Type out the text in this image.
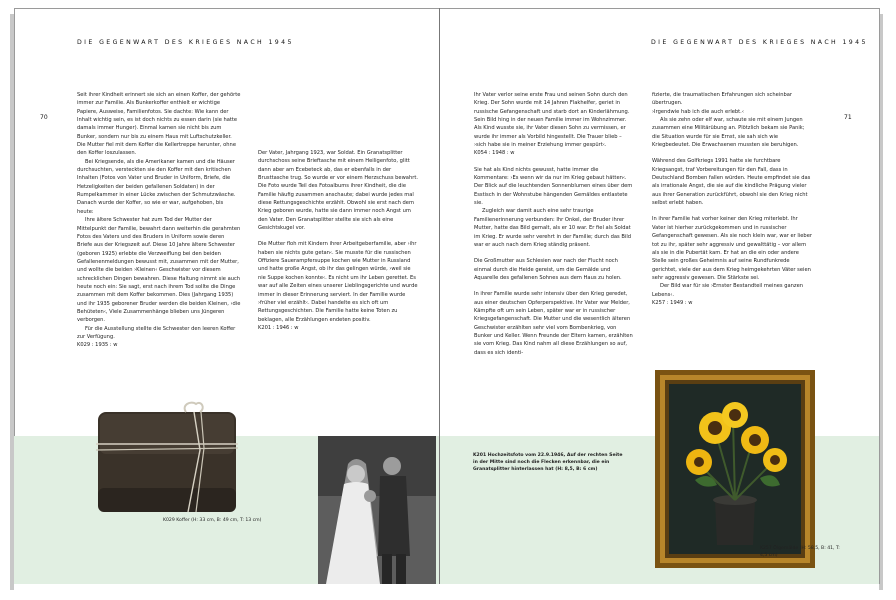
DIE GEGENWART DES KRIEGES NACH 1945	DIE GEGENWART DES KRIEGES NACH 1945
70	71

Seit ihrer Kindheit erinnert sie sich an einen Koffer, der gehörte immer zur Familie. Als Bunkerkoffer enthielt er wichtige Papiere, Ausweise, Familienfotos. Sie dachte: Wie kann der Inhalt wichtig sein, es ist doch nichts zu essen darin (sie hatte damals immer Hunger). Einmal kamen sie nicht bis zum Bunker, sondern nur bis zu einem Haus mit Luftschutzkeller. Die Mutter fiel mit dem Koffer die Kellertreppe herunter, ohne den Koffer loszulassen.

Bei Kriegsende, als die Amerikaner kamen und die Häuser durchsuchten, versteckten sie den Koffer mit den kritischen Inhalten (Fotos von Vater und Bruder in Uniform, Briefe, die Hetzeligkeiten der beiden gefallenen Soldaten) in der Rumpelkammer in einer Lücke zwischen der Schmutzwäsche. Danach wurde der Koffer, so wie er war, aufgehoben, bis heute:

Ihre ältere Schwester hat zum Tod der Mutter der Mittelpunkt der Familie, bewahrt dann weiterhin die gerahmten Fotos des Vaters und des Bruders in Uniform sowie deren Briefe aus der Kriegszeit auf. Diese 10 Jahre ältere Schwester (geboren 1925) erlebte die Verzweiflung bei den beiden Gefallenenmeldungen bewusst mit, zusammen mit der Mutter, und wollte die beiden ›Kleinen‹ Geschwister vor diesem schrecklichen Dingen bewahren. Diese Haltung nimmt sie auch heute noch ein: Sie sagt, erst nach ihrem Tod sollte die Dinge zusammen mit dem Koffer bekommen. Dies (Jahrgang 1935) und ihr 1935 geborener Bruder werden die beiden Kleinen, ›die Behüteten‹, Viele Zusammenhänge blieben uns Jüngeren verborgen.

Für die Ausstellung stellte die Schwester den leeren Koffer zur Verfügung.

K029 : 1935 : w

Der Vater, Jahrgang 1923, war Soldat. Ein Granatsplitter durchschoss seine Brieftasche mit einem Heiligenfoto, glitt dann aber am Ecebeteck ab, das er ebenfalls in der Brusttasche trug. So wurde er vor einem Herzschuss bewahrt. Die Foto wurde Teil des Fotoalbums ihrer Kindheit, die die Familie häufig zusammen anschaute; dabei wurde jedes mal diese Rettungsgeschichte erzählt. Obwohl sie erst nach dem Krieg geboren wurde, hatte sie dann immer noch Angst um den Vater. Den Granatsplitter stellte sie sich als eine Gesichtskugel vor.

Die Mutter floh mit Kindern ihrer Arbeitgeberfamilie, aber ›ihr haben sie nichts gute getan‹. Sie musste für die russischen Offiziere Sauerampfersuppe kochen wie Mutter in Russland und hatte große Angst, ob ihr das gelingen würde, ›weil sie nie Suppe kochen konnte‹. Es nicht um ihr Leben gerettet. Es war auf alle Zeiten eines unserer Lieblingsgerichte und wurde immer in dieser Erinnerung serviert. In der Familie wurde ›früher viel erzählt‹. Dabei handelte es sich oft um Rettungsgeschichten. Die Familie hatte keine Toten zu beklagen, alle Erzählungen endeten positiv.

K201 : 1946 : w

Ihr Vater verlor seine erste Frau und seinen Sohn durch den Krieg. Der Sohn wurde mit 14 Jahren Flakhelfer, geriet in russische Gefangenschaft und starb dort an Kinderlähmung. Sein Bild hing in der neuen Familie immer im Wohnzimmer. Als Kind wusste sie, ihr Vater diesen Sohn zu vermissen, er wurde ihr immer als Vorbild hingestellt. Die Trauer blieb – ›sich habe sie in meiner Erziehung immer gespürt‹.

K054 : 1948 : w

Sie hat als Kind nichts gewusst, hatte immer die Kommentare: ›Es wenn wir da nur im Krieg gebaut hätten‹. Der Blick auf die leuchtenden Sonnenblumen eines über dem Esstisch in der Wohnstube hängenden Gemäldes entlastete sie.

Zugleich war damit auch eine sehr traurige Familienerinnerung verbunden: Ihr Onkel, der Bruder ihrer Mutter, hatte das Bild gemalt, als er 10 war. Er fiel als Soldat im Krieg. Er wurde sehr verehrt in der Familie; durch das Bild war er auch nach dem Krieg ständig präsent.

Die Großmutter aus Schlesien war nach der Flucht noch einmal durch die Heide gereist, um die Gemälde und Aquarelle des gefallenen Sohnes aus dem Haus zu holen.

In ihrer Familie wurde sehr intensiv über den Krieg geredet, aus einer deutschen Opferperspektive. Ihr Vater war Melder, Kämpfte oft um sein Leben, später war er in russischer Kriegsgefangenschaft. Die Mutter und die wesentlich älteren Geschwister erzählten sehr viel vom Bombenkrieg, von Bunker und Keller. Wenn Freunde der Eltern kamen, erzählten sie vom Krieg. Das Kind nahm all diese Erzählungen so auf, dass es sich identi-

fizierte, die traumatischen Erfahrungen sich scheinbar übertrugen.

›Irgendwie hab ich die auch erlebt.‹

Als sie zehn oder elf war, schaute sie mit einem Jungen zusammen eine Militärübung an. Plötzlich bekam sie Panik; die Situation wurde für sie Ernst, sie sah sich wie Kriegbedeutet. Die Erwachsenen mussten sie beruhigen.

Während des Golfkriegs 1991 hatte sie furchtbare Kriegsangst, traf Vorbereitungen für den Fall, dass in Deutschland Bomben fallen würden. Heute empfindet sie das als irrationale Angst, die sie auf die kindliche Prägung vieler aus ihrer Generation zurückführt, obwohl sie den Krieg nicht selbst erlebt haben.

In ihrer Familie hat vorher keiner den Krieg miterlebt. Ihr Vater ist hierher zurückgekommen und in russischer Gefangenschaft gewesen. Als sie noch klein war, war er lieber tot zu ihr, später sehr aggressiv und gewalttätig – vor allem als sie in die Pubertät kam. Er hat an die ein oder andere Stelle sein großes Geheimnis auf seine Rundfunkrede gerichtet, viele der aus dem Krieg heimgekehrten Väter seien sehr aggressiv gewesen. Die Stärkste sei.

Der Bild war für sie ›Ernster Bestandteil meines ganzen Lebens‹.

K257 : 1949 : w

K029 Koffer (H: 33 cm, B: 49 cm, T: 13 cm)
K201 Hochzeitsfoto vom 22.9.1946, Auf der rechten Seite in der Mitte sind noch die Flecken erkennbar, die ein Granatsplitter hinterlassen hat (H: 8,5, B: 6 cm)
K257 Ölgemälde (H: 58,5, B: 41, T: 4,5 cm)
